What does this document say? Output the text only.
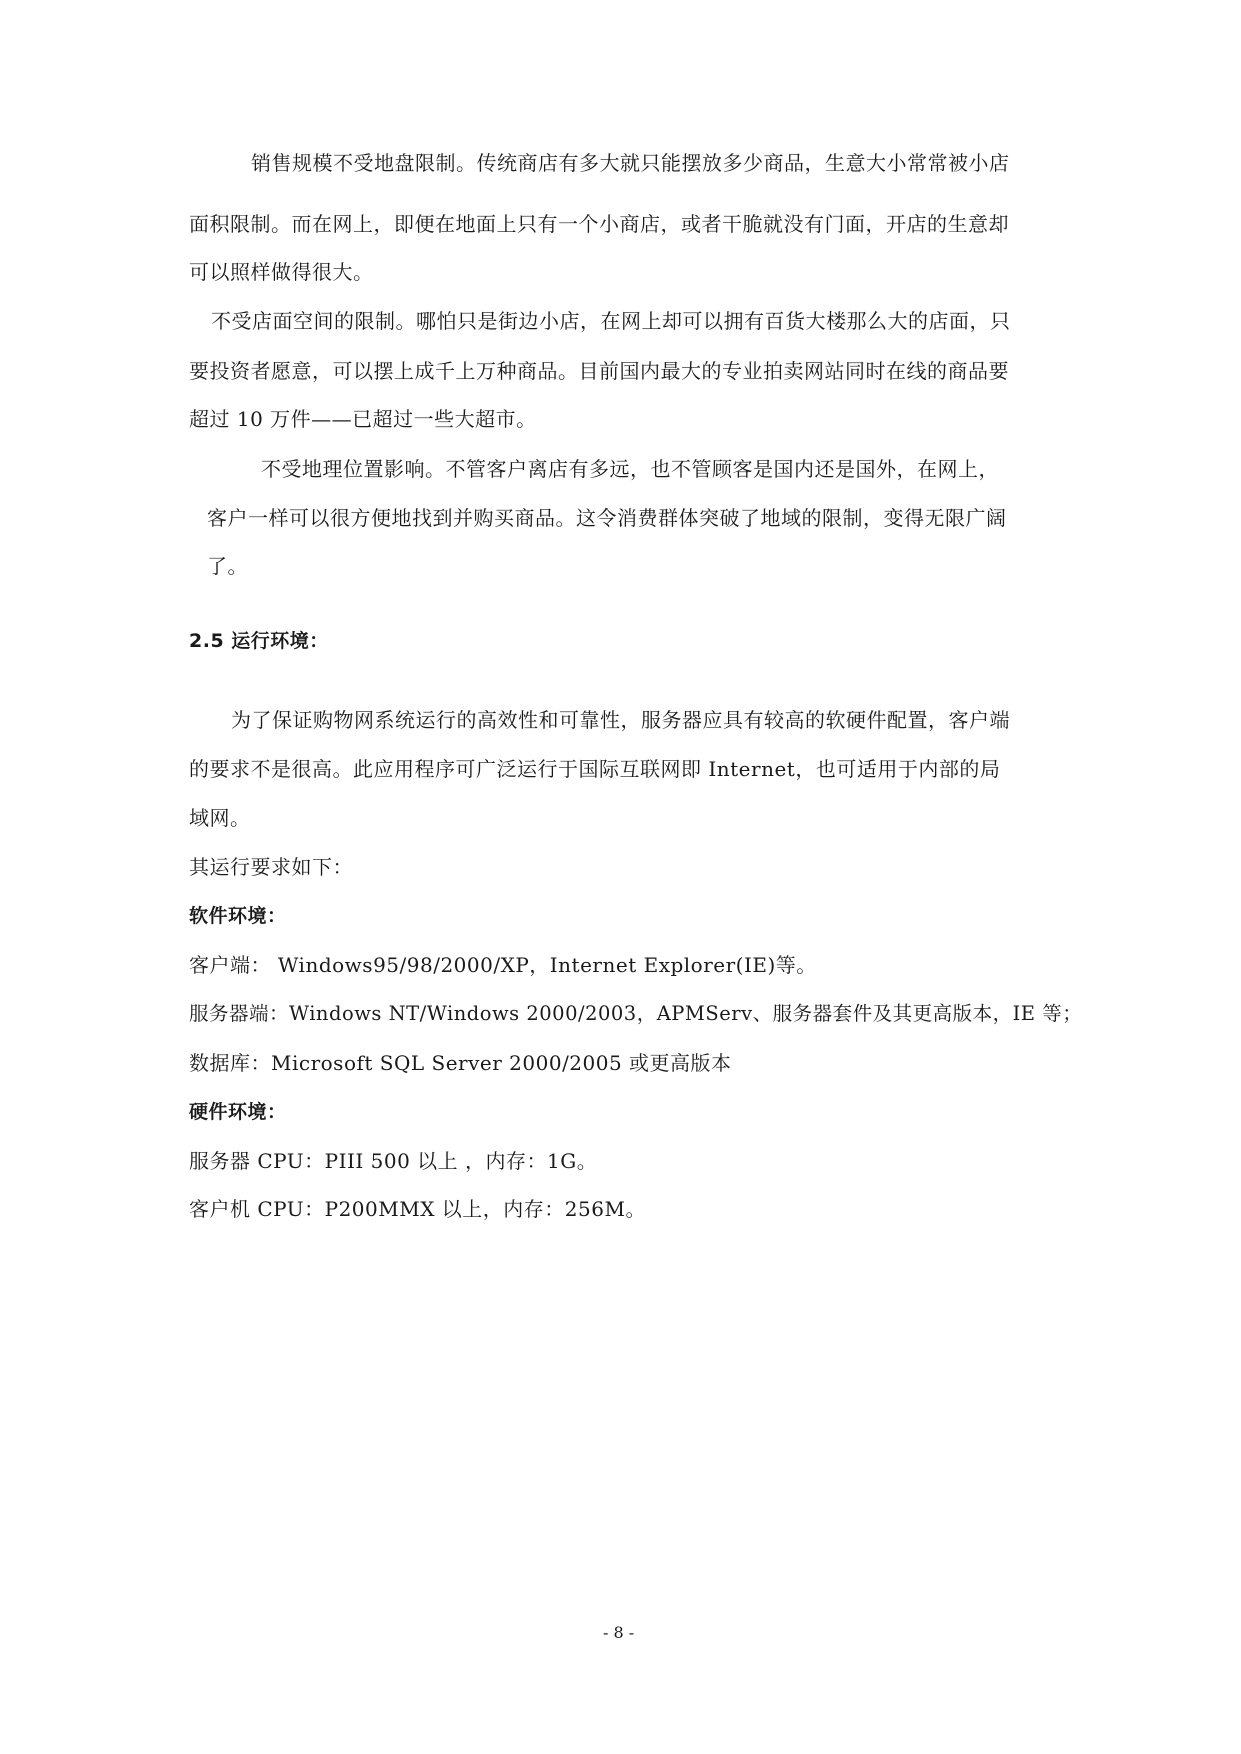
销售规模不受地盘限制。传统商店有多大就只能摆放多少商品，生意大小常常被小店
面积限制。而在网上，即便在地面上只有一个小商店，或者干脆就没有门面，开店的生意却
可以照样做得很大。
不受店面空间的限制。哪怕只是街边小店，在网上却可以拥有百货大楼那么大的店面，只
要投资者愿意，可以摆上成千上万种商品。目前国内最大的专业拍卖网站同时在线的商品要
超过 10 万件——已超过一些大超市。
不受地理位置影响。不管客户离店有多远，也不管顾客是国内还是国外，在网上，
客户一样可以很方便地找到并购买商品。这令消费群体突破了地域的限制，变得无限广阔
了。
2.5 运行环境：
为了保证购物网系统运行的高效性和可靠性，服务器应具有较高的软硬件配置，客户端
的要求不是很高。此应用程序可广泛运行于国际互联网即 Internet，也可适用于内部的局
域网。
其运行要求如下：
软件环境：
客户端： Windows95/98/2000/XP，Internet Explorer(IE)等。
服务器端：Windows NT/Windows 2000/2003，APMServ、服务器套件及其更高版本，IE 等；
数据库：Microsoft SQL Server 2000/2005 或更高版本
硬件环境：
服务器 CPU：PIII 500 以上 ，内存：1G。
客户机 CPU：P200MMX 以上，内存：256M。
- 8 -
